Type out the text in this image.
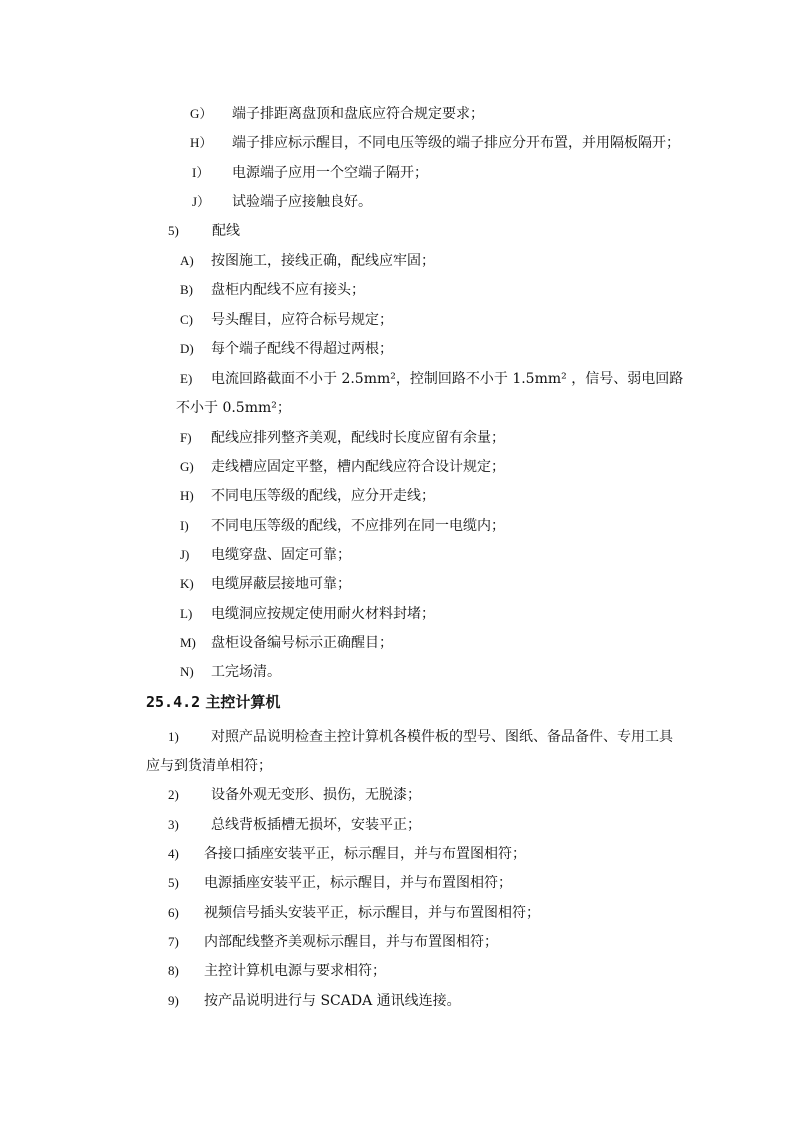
G） 端子排距离盘顶和盘底应符合规定要求；
H） 端子排应标示醒目，不同电压等级的端子排应分开布置，并用隔板隔开；
I） 电源端子应用一个空端子隔开；
J） 试验端子应接触良好。
5) 配线
A) 按图施工，接线正确，配线应牢固；
B) 盘柜内配线不应有接头；
C) 号头醒目，应符合标号规定；
D) 每个端子配线不得超过两根；
E) 电流回路截面不小于 2.5mm²，控制回路不小于 1.5mm² ，信号、弱电回路
不小于 0.5mm²；
F) 配线应排列整齐美观，配线时长度应留有余量；
G) 走线槽应固定平整，槽内配线应符合设计规定；
H) 不同电压等级的配线，应分开走线；
I) 不同电压等级的配线，不应排列在同一电缆内；
J) 电缆穿盘、固定可靠；
K) 电缆屏蔽层接地可靠；
L) 电缆洞应按规定使用耐火材料封堵；
M) 盘柜设备编号标示正确醒目；
N) 工完场清。
25.4.2 主控计算机
1) 对照产品说明检查主控计算机各模件板的型号、图纸、备品备件、专用工具
应与到货清单相符；
2) 设备外观无变形、损伤，无脱漆；
3) 总线背板插槽无损坏，安装平正；
4) 各接口插座安装平正，标示醒目，并与布置图相符；
5) 电源插座安装平正，标示醒目，并与布置图相符；
6) 视频信号插头安装平正，标示醒目，并与布置图相符；
7) 内部配线整齐美观标示醒目，并与布置图相符；
8) 主控计算机电源与要求相符；
9) 按产品说明进行与 SCADA 通讯线连接。
